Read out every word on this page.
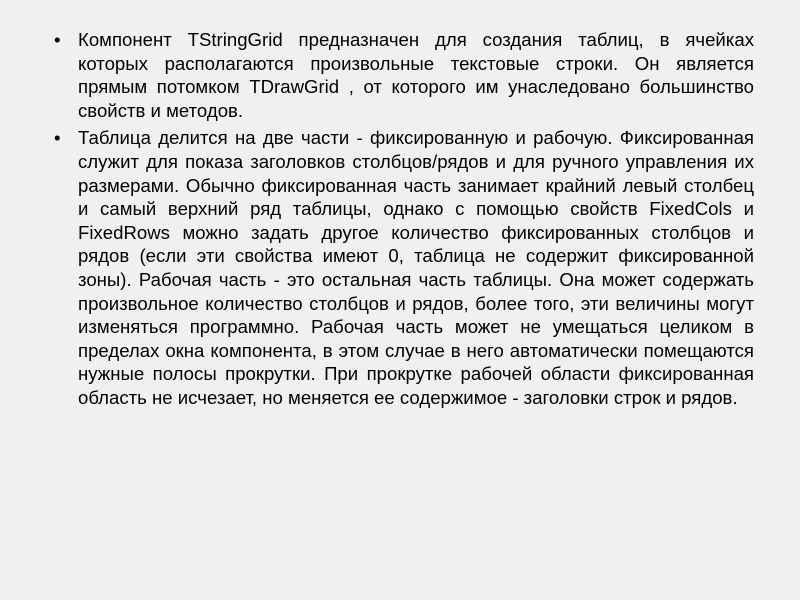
• Компонент TStringGrid предназначен для создания таблиц, в ячейках которых располагаются произвольные текстовые строки. Он является прямым потомком TDrawGrid , от которого им унаследовано большинство свойств и методов.
• Таблица делится на две части - фиксированную и рабочую. Фиксированная служит для показа заголовков столбцов/рядов и для ручного управления их размерами. Обычно фиксированная часть занимает крайний левый столбец и самый верхний ряд таблицы, однако с помощью свойств FixedCols и FixedRows можно задать другое количество фиксированных столбцов и рядов (если эти свойства имеют 0, таблица не содержит фиксированной зоны). Рабочая часть - это остальная часть таблицы. Она может содержать произвольное количество столбцов и рядов, более того, эти величины могут изменяться программно. Рабочая часть может не умещаться целиком в пределах окна компонента, в этом случае в него автоматически помещаются нужные полосы прокрутки. При прокрутке рабочей области фиксированная область не исчезает, но меняется ее содержимое - заголовки строк и рядов.
